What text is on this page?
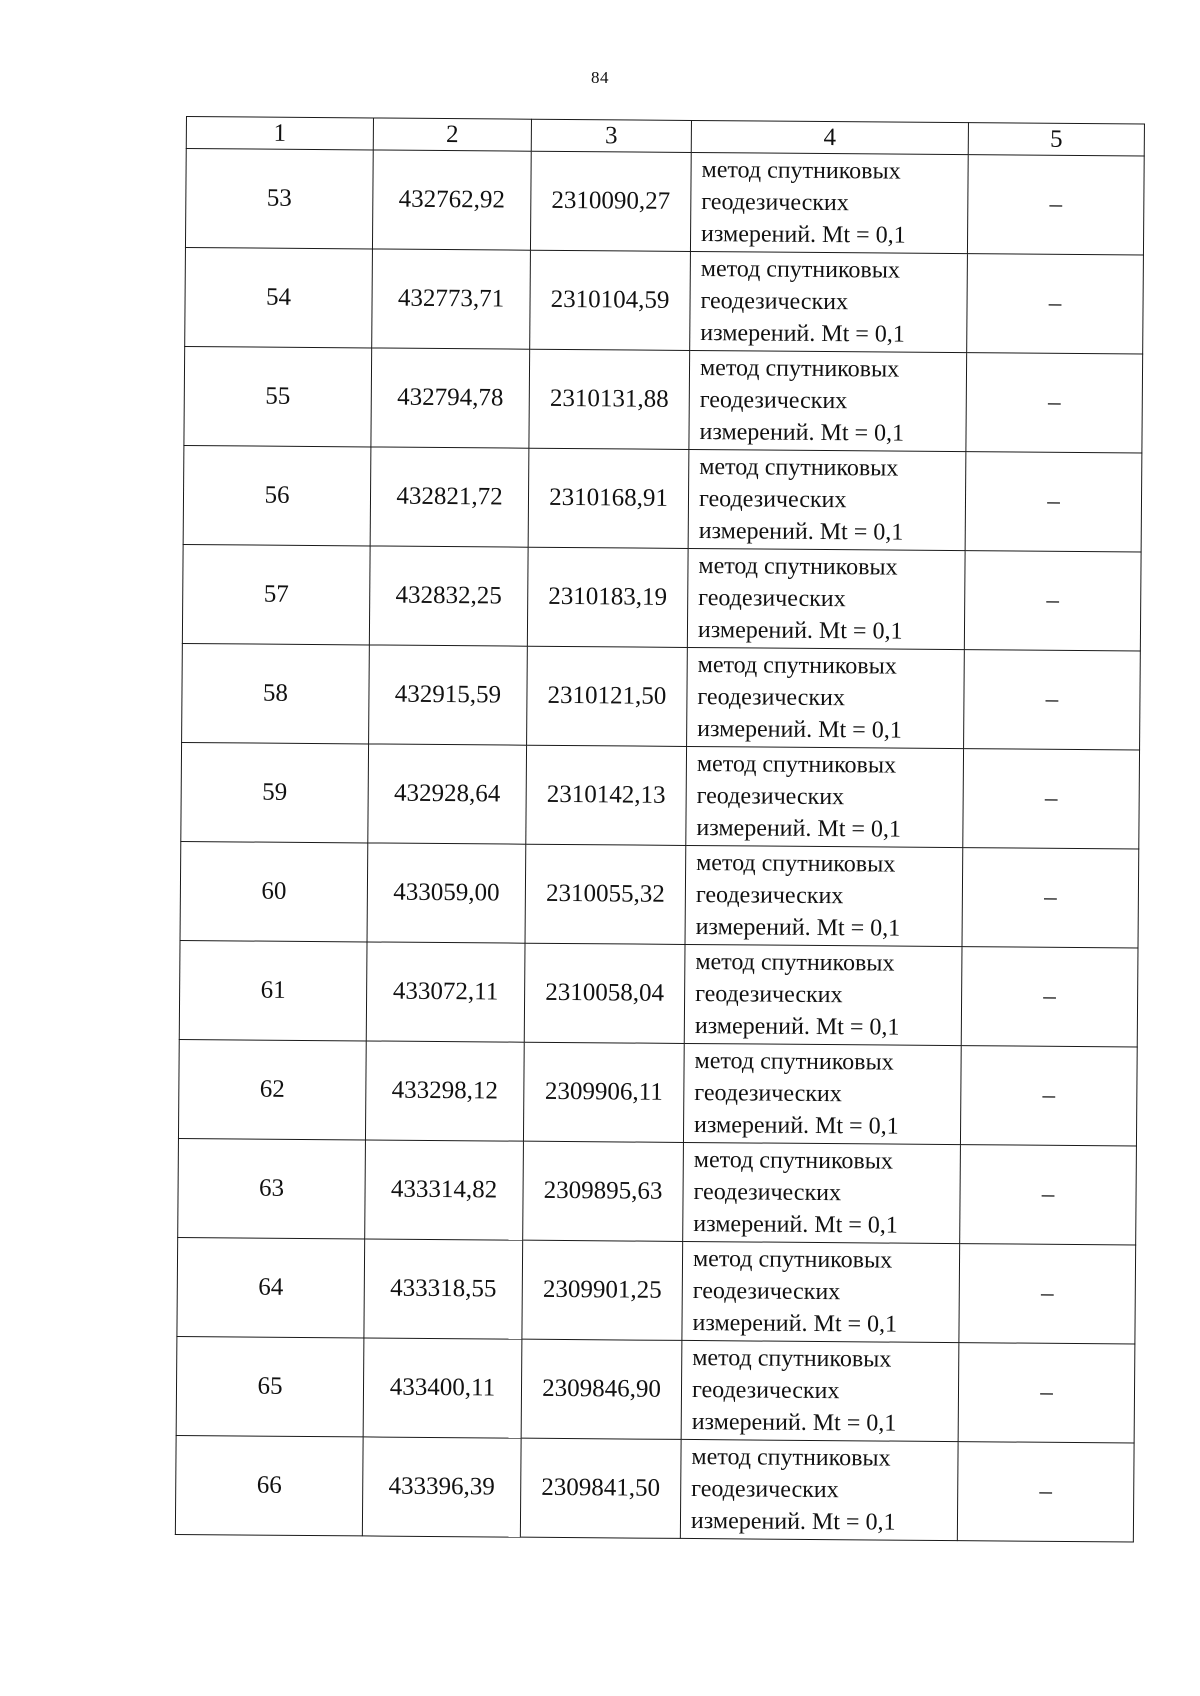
84
1	2	3	4	5
53	432762,92	2310090,27	метод спутниковых
геодезических
измерений. Mt = 0,1	–
54	432773,71	2310104,59	метод спутниковых
геодезических
измерений. Mt = 0,1	–
55	432794,78	2310131,88	метод спутниковых
геодезических
измерений. Mt = 0,1	–
56	432821,72	2310168,91	метод спутниковых
геодезических
измерений. Mt = 0,1	–
57	432832,25	2310183,19	метод спутниковых
геодезических
измерений. Mt = 0,1	–
58	432915,59	2310121,50	метод спутниковых
геодезических
измерений. Mt = 0,1	–
59	432928,64	2310142,13	метод спутниковых
геодезических
измерений. Mt = 0,1	–
60	433059,00	2310055,32	метод спутниковых
геодезических
измерений. Mt = 0,1	–
61	433072,11	2310058,04	метод спутниковых
геодезических
измерений. Mt = 0,1	–
62	433298,12	2309906,11	метод спутниковых
геодезических
измерений. Mt = 0,1	–
63	433314,82	2309895,63	метод спутниковых
геодезических
измерений. Mt = 0,1	–
64	433318,55	2309901,25	метод спутниковых
геодезических
измерений. Mt = 0,1	–
65	433400,11	2309846,90	метод спутниковых
геодезических
измерений. Mt = 0,1	–
66	433396,39	2309841,50	метод спутниковых
геодезических
измерений. Mt = 0,1	–
